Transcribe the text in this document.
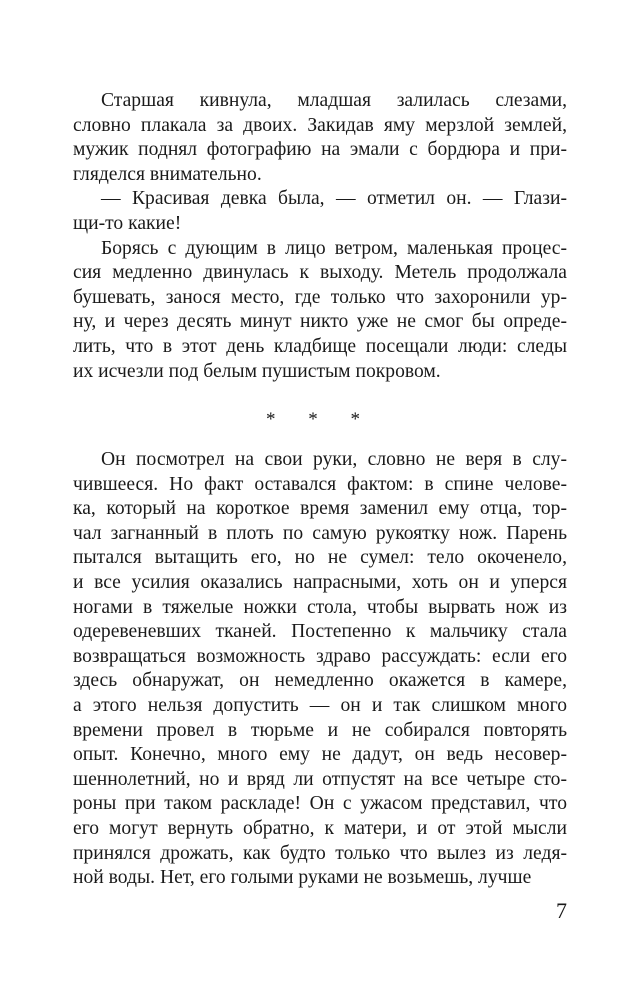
Старшая кивнула, младшая залилась слезами,
словно плакала за двоих. Закидав яму мерзлой землей,
мужик поднял фотографию на эмали с бордюра и при-
гляделся внимательно.
— Красивая девка была, — отметил он. — Глази-
щи-то какие!
Борясь с дующим в лицо ветром, маленькая процес-
сия медленно двинулась к выходу. Метель продолжала
бушевать, занося место, где только что захоронили ур-
ну, и через десять минут никто уже не смог бы опреде-
лить, что в этот день кладбище посещали люди: следы
их исчезли под белым пушистым покровом.
* * *
Он посмотрел на свои руки, словно не веря в слу-
чившееся. Но факт оставался фактом: в спине челове-
ка, который на короткое время заменил ему отца, тор-
чал загнанный в плоть по самую рукоятку нож. Парень
пытался вытащить его, но не сумел: тело окоченело,
и все усилия оказались напрасными, хоть он и уперся
ногами в тяжелые ножки стола, чтобы вырвать нож из
одеревеневших тканей. Постепенно к мальчику стала
возвращаться возможность здраво рассуждать: если его
здесь обнаружат, он немедленно окажется в камере,
а этого нельзя допустить — он и так слишком много
времени провел в тюрьме и не собирался повторять
опыт. Конечно, много ему не дадут, он ведь несовер-
шеннолетний, но и вряд ли отпустят на все четыре сто-
роны при таком раскладе! Он с ужасом представил, что
его могут вернуть обратно, к матери, и от этой мысли
принялся дрожать, как будто только что вылез из ледя-
ной воды. Нет, его голыми руками не возьмешь, лучше
7
